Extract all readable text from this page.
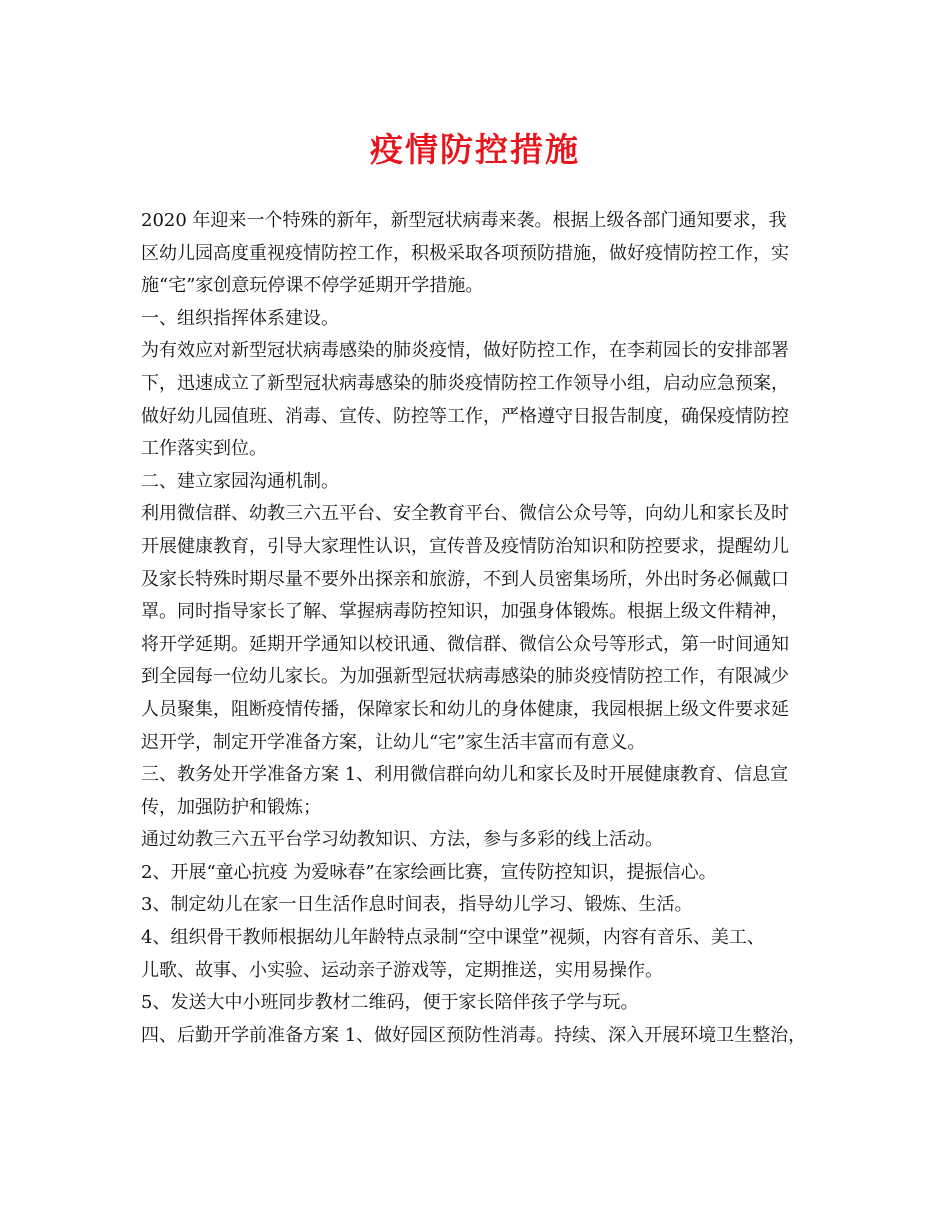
疫情防控措施
2020 年迎来一个特殊的新年，新型冠状病毒来袭。根据上级各部门通知要求，我
区幼儿园高度重视疫情防控工作，积极采取各项预防措施，做好疫情防控工作，实
施“宅”家创意玩停课不停学延期开学措施。
一、组织指挥体系建设。
为有效应对新型冠状病毒感染的肺炎疫情，做好防控工作，在李莉园长的安排部署
下，迅速成立了新型冠状病毒感染的肺炎疫情防控工作领导小组，启动应急预案，
做好幼儿园值班、消毒、宣传、防控等工作，严格遵守日报告制度，确保疫情防控
工作落实到位。
二、建立家园沟通机制。
利用微信群、幼教三六五平台、安全教育平台、微信公众号等，向幼儿和家长及时
开展健康教育，引导大家理性认识，宣传普及疫情防治知识和防控要求，提醒幼儿
及家长特殊时期尽量不要外出探亲和旅游，不到人员密集场所，外出时务必佩戴口
罩。同时指导家长了解、掌握病毒防控知识，加强身体锻炼。根据上级文件精神，
将开学延期。延期开学通知以校讯通、微信群、微信公众号等形式，第一时间通知
到全园每一位幼儿家长。为加强新型冠状病毒感染的肺炎疫情防控工作，有限减少
人员聚集，阻断疫情传播，保障家长和幼儿的身体健康，我园根据上级文件要求延
迟开学，制定开学准备方案，让幼儿“宅”家生活丰富而有意义。
三、教务处开学准备方案 1、利用微信群向幼儿和家长及时开展健康教育、信息宣
传，加强防护和锻炼；
通过幼教三六五平台学习幼教知识、方法，参与多彩的线上活动。
2、开展“童心抗疫 为爱咏春”在家绘画比赛，宣传防控知识，提振信心。
3、制定幼儿在家一日生活作息时间表，指导幼儿学习、锻炼、生活。
4、组织骨干教师根据幼儿年龄特点录制“空中课堂”视频，内容有音乐、美工、
儿歌、故事、小实验、运动亲子游戏等，定期推送，实用易操作。
5、发送大中小班同步教材二维码，便于家长陪伴孩子学与玩。
四、后勤开学前准备方案 1、做好园区预防性消毒。持续、深入开展环境卫生整治，
